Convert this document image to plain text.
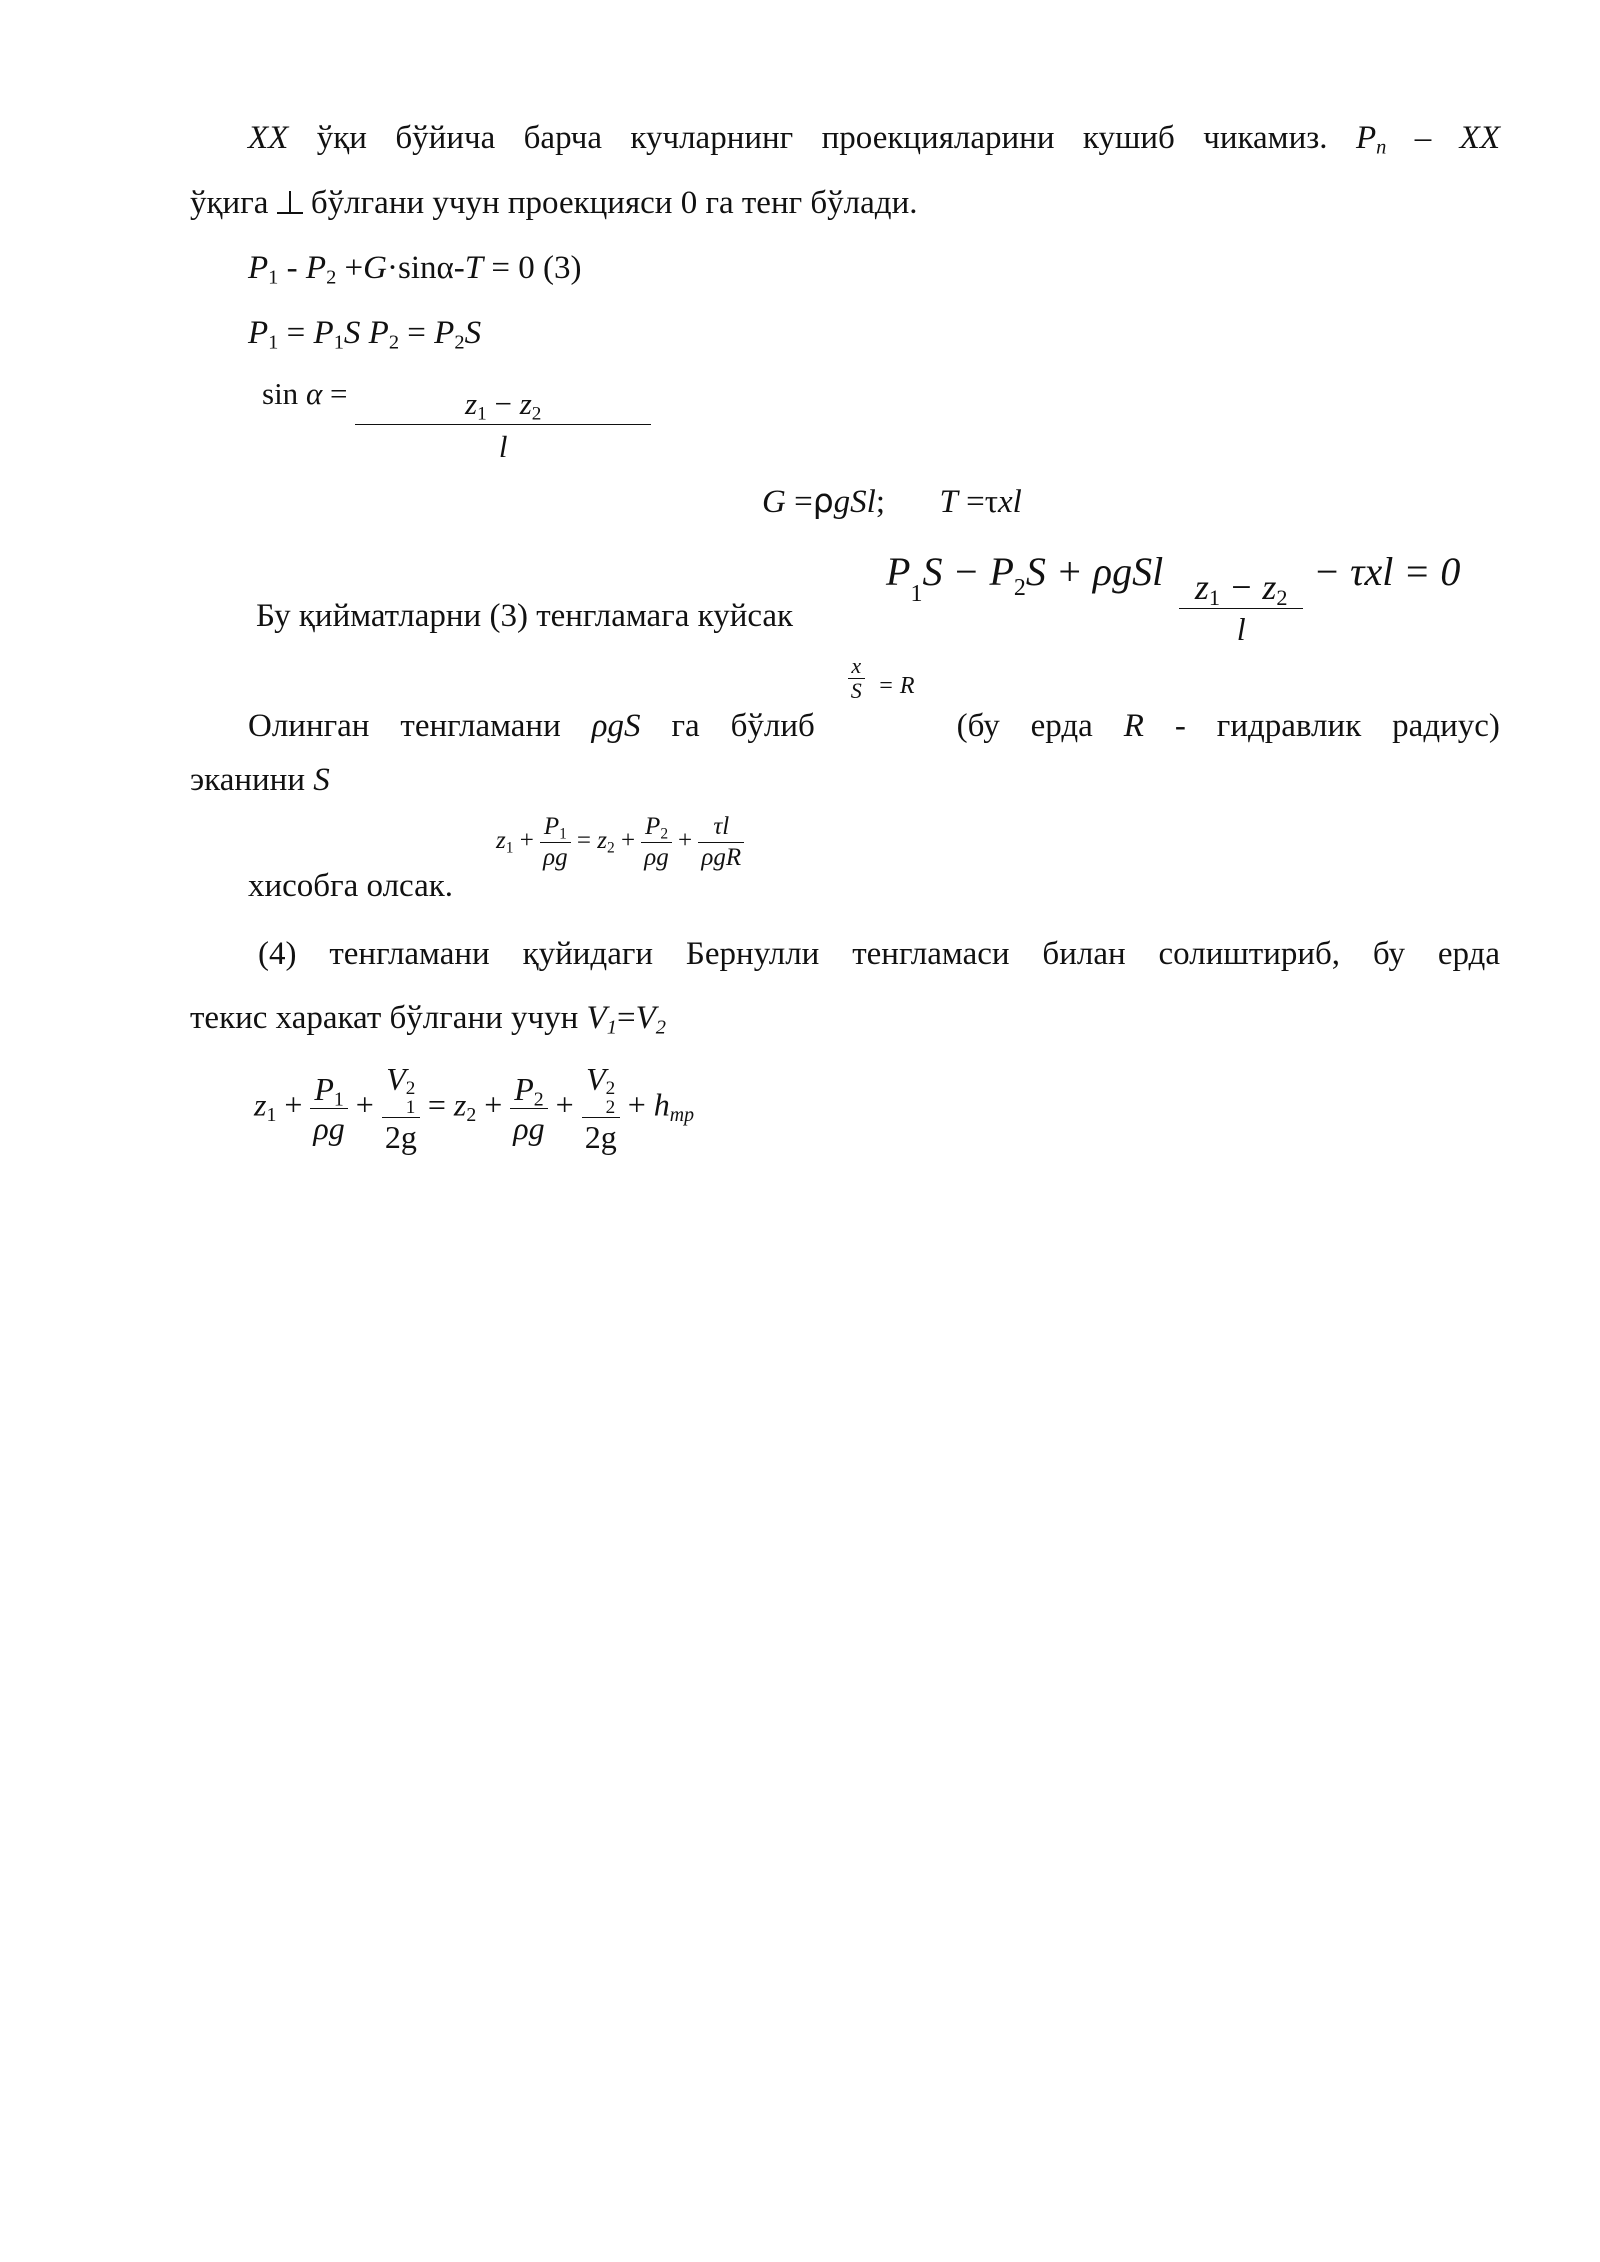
XX ўқи бўйича барча кучларнинг проекцияларини кушиб чикамиз. $P_n$ – XX
ўқига бўлгани учун проекцияси 0 га тенг бўлади.
$P_1 - P_2 +G\cdot\sin\alpha-T = 0$ (3)
$P_1 = P_1S$ $P_2 = P_2S$
$\sin \alpha = \frac{z_1 - z_2}{l}$
G =ρgSl; T =τxl
Бу қийматларни (3) тенгламага куйсак
$P_1S - P_2S + \rho gSl \frac{z_1 - z_2}{l} - \tau xl = 0$
Олинган тенгламани ρgS га бўлиб
$\frac{x}{S} = R$
(бу ерда R - гидравлик радиус)
эканини S
$z_1 + \frac{P_1}{\rho g} = z_2 + \frac{P_2}{\rho g} + \frac{\tau l}{\text{ρgR}}$
хисобга олсак.
(4) тенгламани қуйидаги Бернулли тенгламаси билан солиштириб, бу ерда
текис харакат бўлгани учун $V_1=V_2$
$z_1 + \frac{P_1}{\rho g} + V$ 2
1
$2g = z_2 + \frac{P_2}{\rho g} + V$ 2
2
$2g + h_{тр}$
